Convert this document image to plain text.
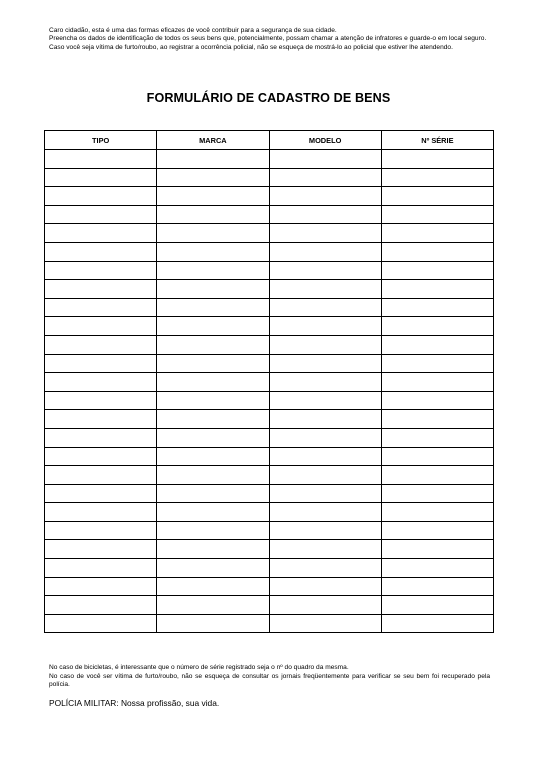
Caro cidadão, esta é uma das formas eficazes de você contribuir para a segurança de sua cidade.

Preencha os dados de identificação de todos os seus bens que, potencialmente, possam chamar a atenção de infratores e guarde-o em local seguro.

Caso você seja vítima de furto/roubo, ao registrar a ocorrência policial, não se esqueça de mostrá-lo ao policial que estiver lhe atendendo.

FORMULÁRIO DE CADASTRO DE BENS
TIPO	MARCA	MODELO	Nº SÉRIE

No caso de bicicletas, é interessante que o número de série registrado seja o nº do quadro da mesma.

No caso de você ser vítima de furto/roubo, não se esqueça de consultar os jornais freqüentemente para verificar se seu bem foi recuperado pela polícia.

POLÍCIA MILITAR: Nossa profissão, sua vida.
